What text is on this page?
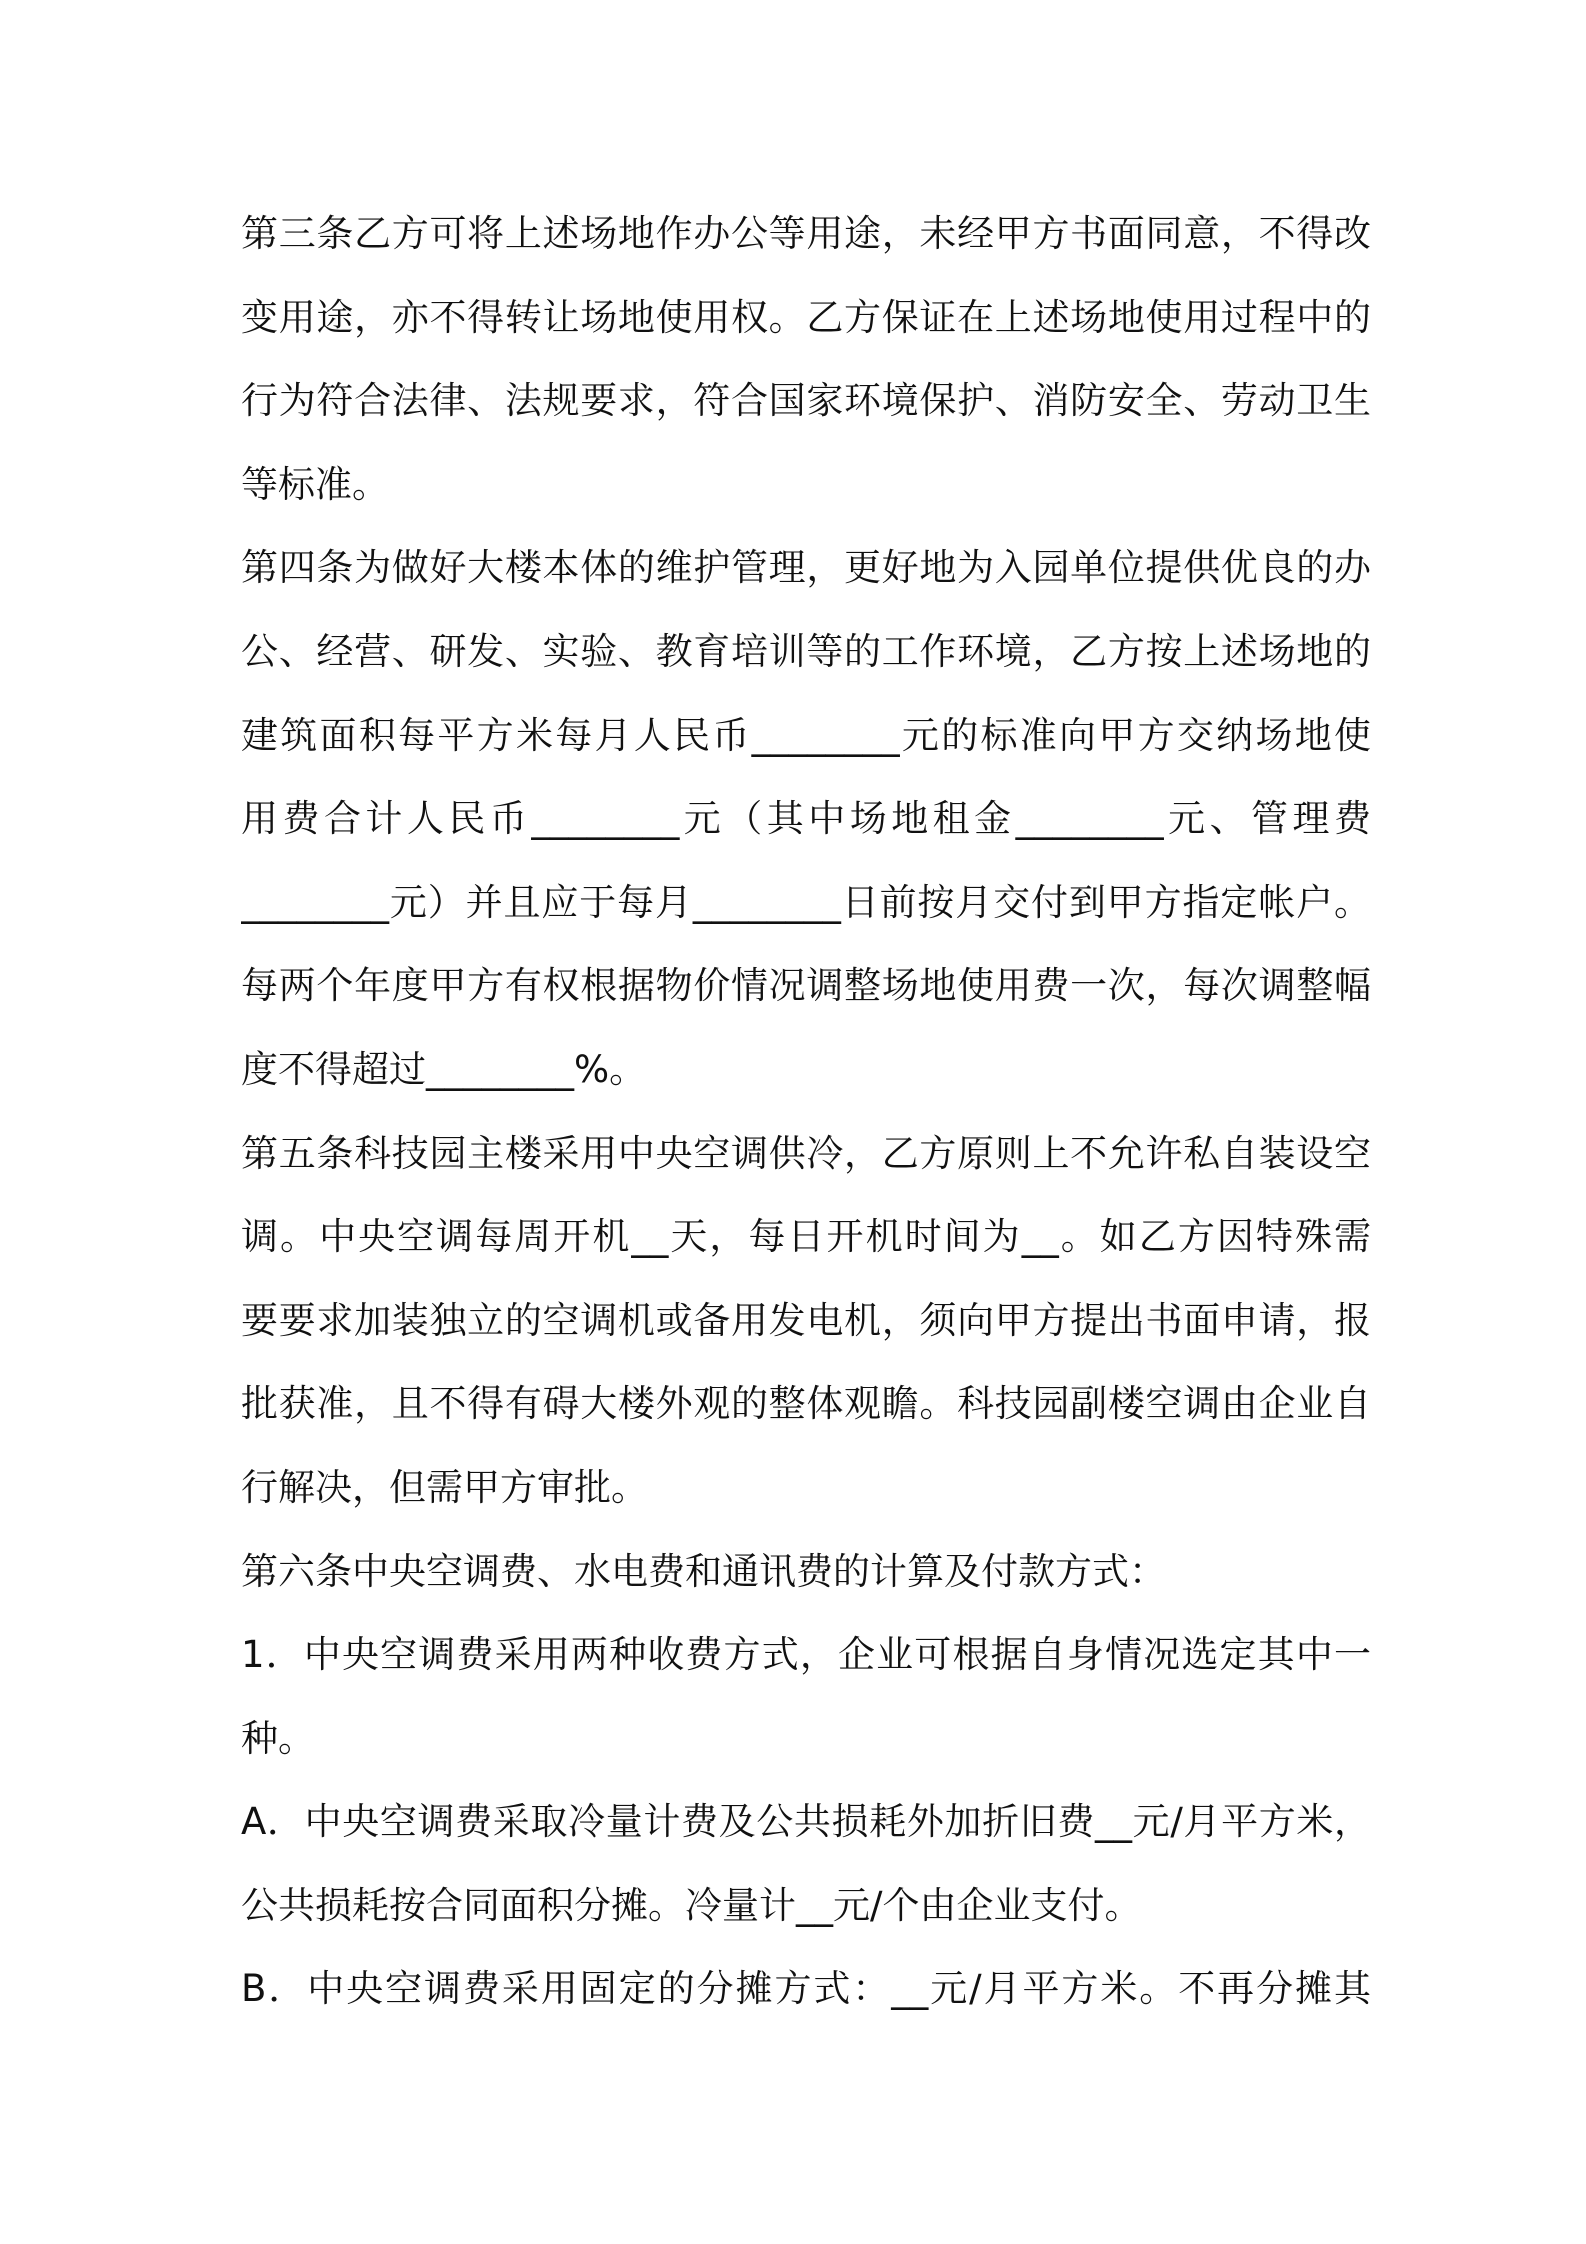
第三条乙方可将上述场地作办公等用途，未经甲方书面同意，不得改
变用途，亦不得转让场地使用权。乙方保证在上述场地使用过程中的
行为符合法律、法规要求，符合国家环境保护、消防安全、劳动卫生
等标准。
第四条为做好大楼本体的维护管理，更好地为入园单位提供优良的办
公、经营、研发、实验、教育培训等的工作环境，乙方按上述场地的
建筑面积每平方米每月人民币________元的标准向甲方交纳场地使
用费合计人民币________元（其中场地租金________元、管理费
________元）并且应于每月________日前按月交付到甲方指定帐户。
每两个年度甲方有权根据物价情况调整场地使用费一次，每次调整幅
度不得超过________%。
第五条科技园主楼采用中央空调供冷，乙方原则上不允许私自装设空
调。中央空调每周开机__天，每日开机时间为__。如乙方因特殊需
要要求加装独立的空调机或备用发电机，须向甲方提出书面申请，报
批获准，且不得有碍大楼外观的整体观瞻。科技园副楼空调由企业自
行解决，但需甲方审批。
第六条中央空调费、水电费和通讯费的计算及付款方式：
1．中央空调费采用两种收费方式，企业可根据自身情况选定其中一
种。
A．中央空调费采取冷量计费及公共损耗外加折旧费__元/月平方米，
公共损耗按合同面积分摊。冷量计__元/个由企业支付。
B．中央空调费采用固定的分摊方式：__元/月平方米。不再分摊其
